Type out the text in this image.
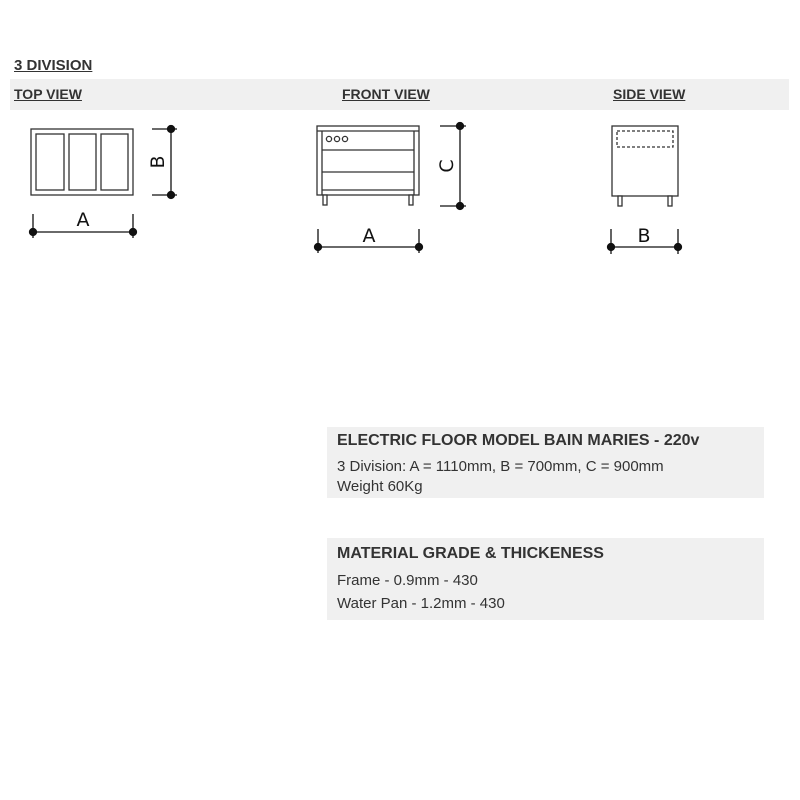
3 DIVISION
TOP VIEW	FRONT VIEW	SIDE VIEW
A
B
A
C
B
ELECTRIC FLOOR MODEL BAIN MARIES - 220v
3 Division: A = 1110mm, B = 700mm, C = 900mm
Weight 60Kg
MATERIAL GRADE & THICKENESS
Frame - 0.9mm - 430
Water Pan - 1.2mm - 430
